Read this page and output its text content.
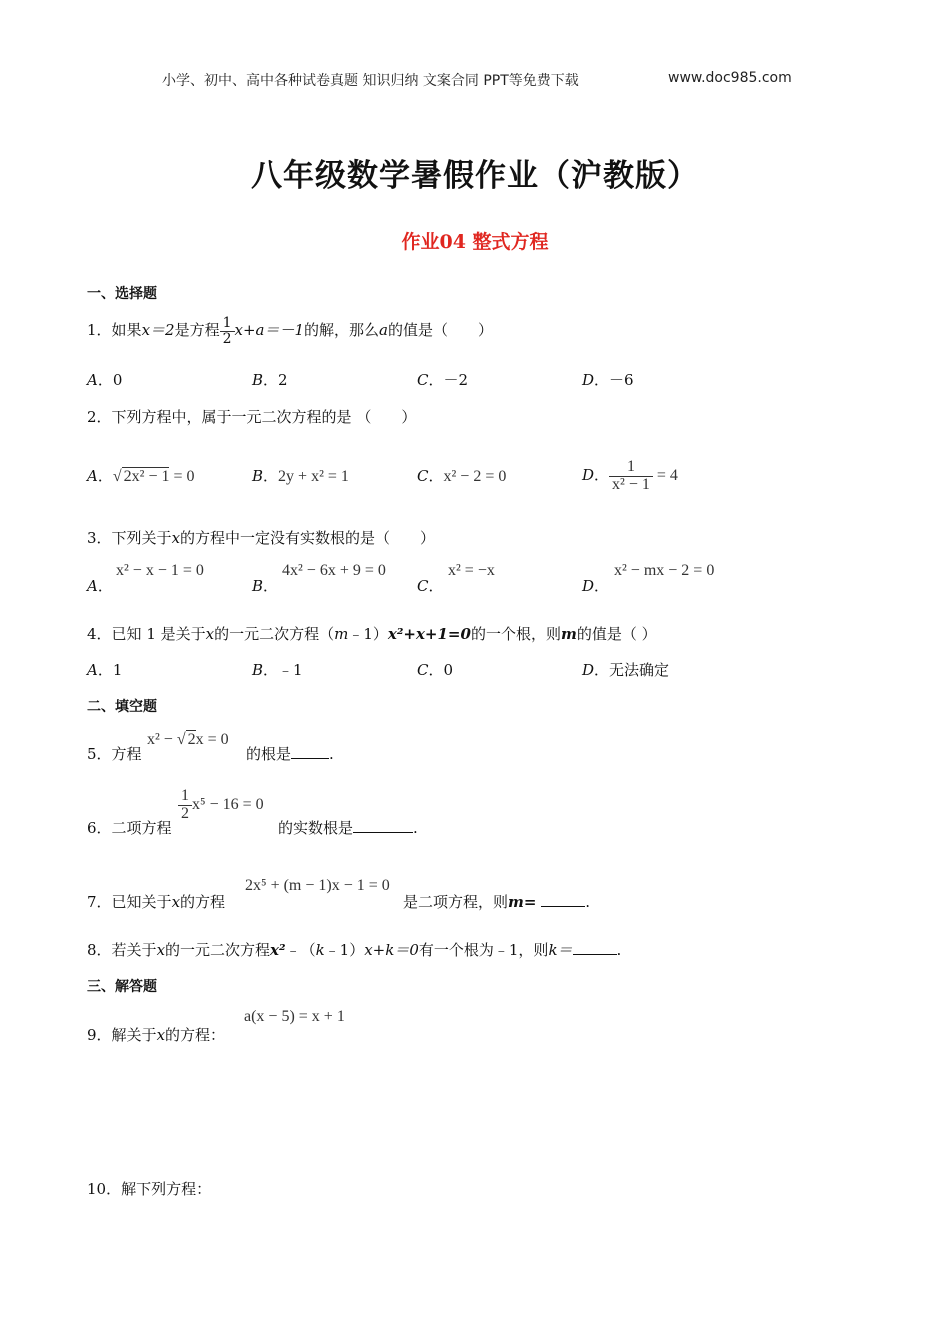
小学、初中、高中各种试卷真题 知识归纳 文案合同 PPT等免费下载	www.doc985.com
八年级数学暑假作业（沪教版）
作业04 整式方程
一、选择题
1．如果x＝2是方程 $\frac{1}{2} x+a=-1$的解，那么a的值是（　　）
A．0	B．2	C．－2	D．－6
2．下列方程中，属于一元二次方程的是 （　　）
A．√ 2x² − 1 = 0	B．2y + x² = 1	C．x² − 2 = 0	D． $\frac{1}{\text{x² − 1}} = 4$
3．下列关于x的方程中一定没有实数根的是（　　）
A．
x² − x − 1 = 0
B．
4x² − 6x + 9 = 0
C．
x² = −x
D．
x² − mx − 2 = 0
4．已知 1 是关于x的一元二次方程（m﹣1）x²+x+1=0的一个根，则m的值是（ ）
A．1	B．﹣1	C．0	D．无法确定
二、填空题
5．方程
x² − √ 2x = 0
的根是	.
6．二项方程
$\frac{1}{2} x^5 - 16 = 0$
的实数根是	.
7．已知关于x的方程
2x⁵ + (m − 1)x − 1 = 0
是二项方程，则m=	.
8．若关于x的一元二次方程x²﹣（k﹣1）x+k＝0有一个根为﹣1，则k＝	.
三、解答题
a(x − 5) = x + 1
9．解关于x的方程：
10．解下列方程：
